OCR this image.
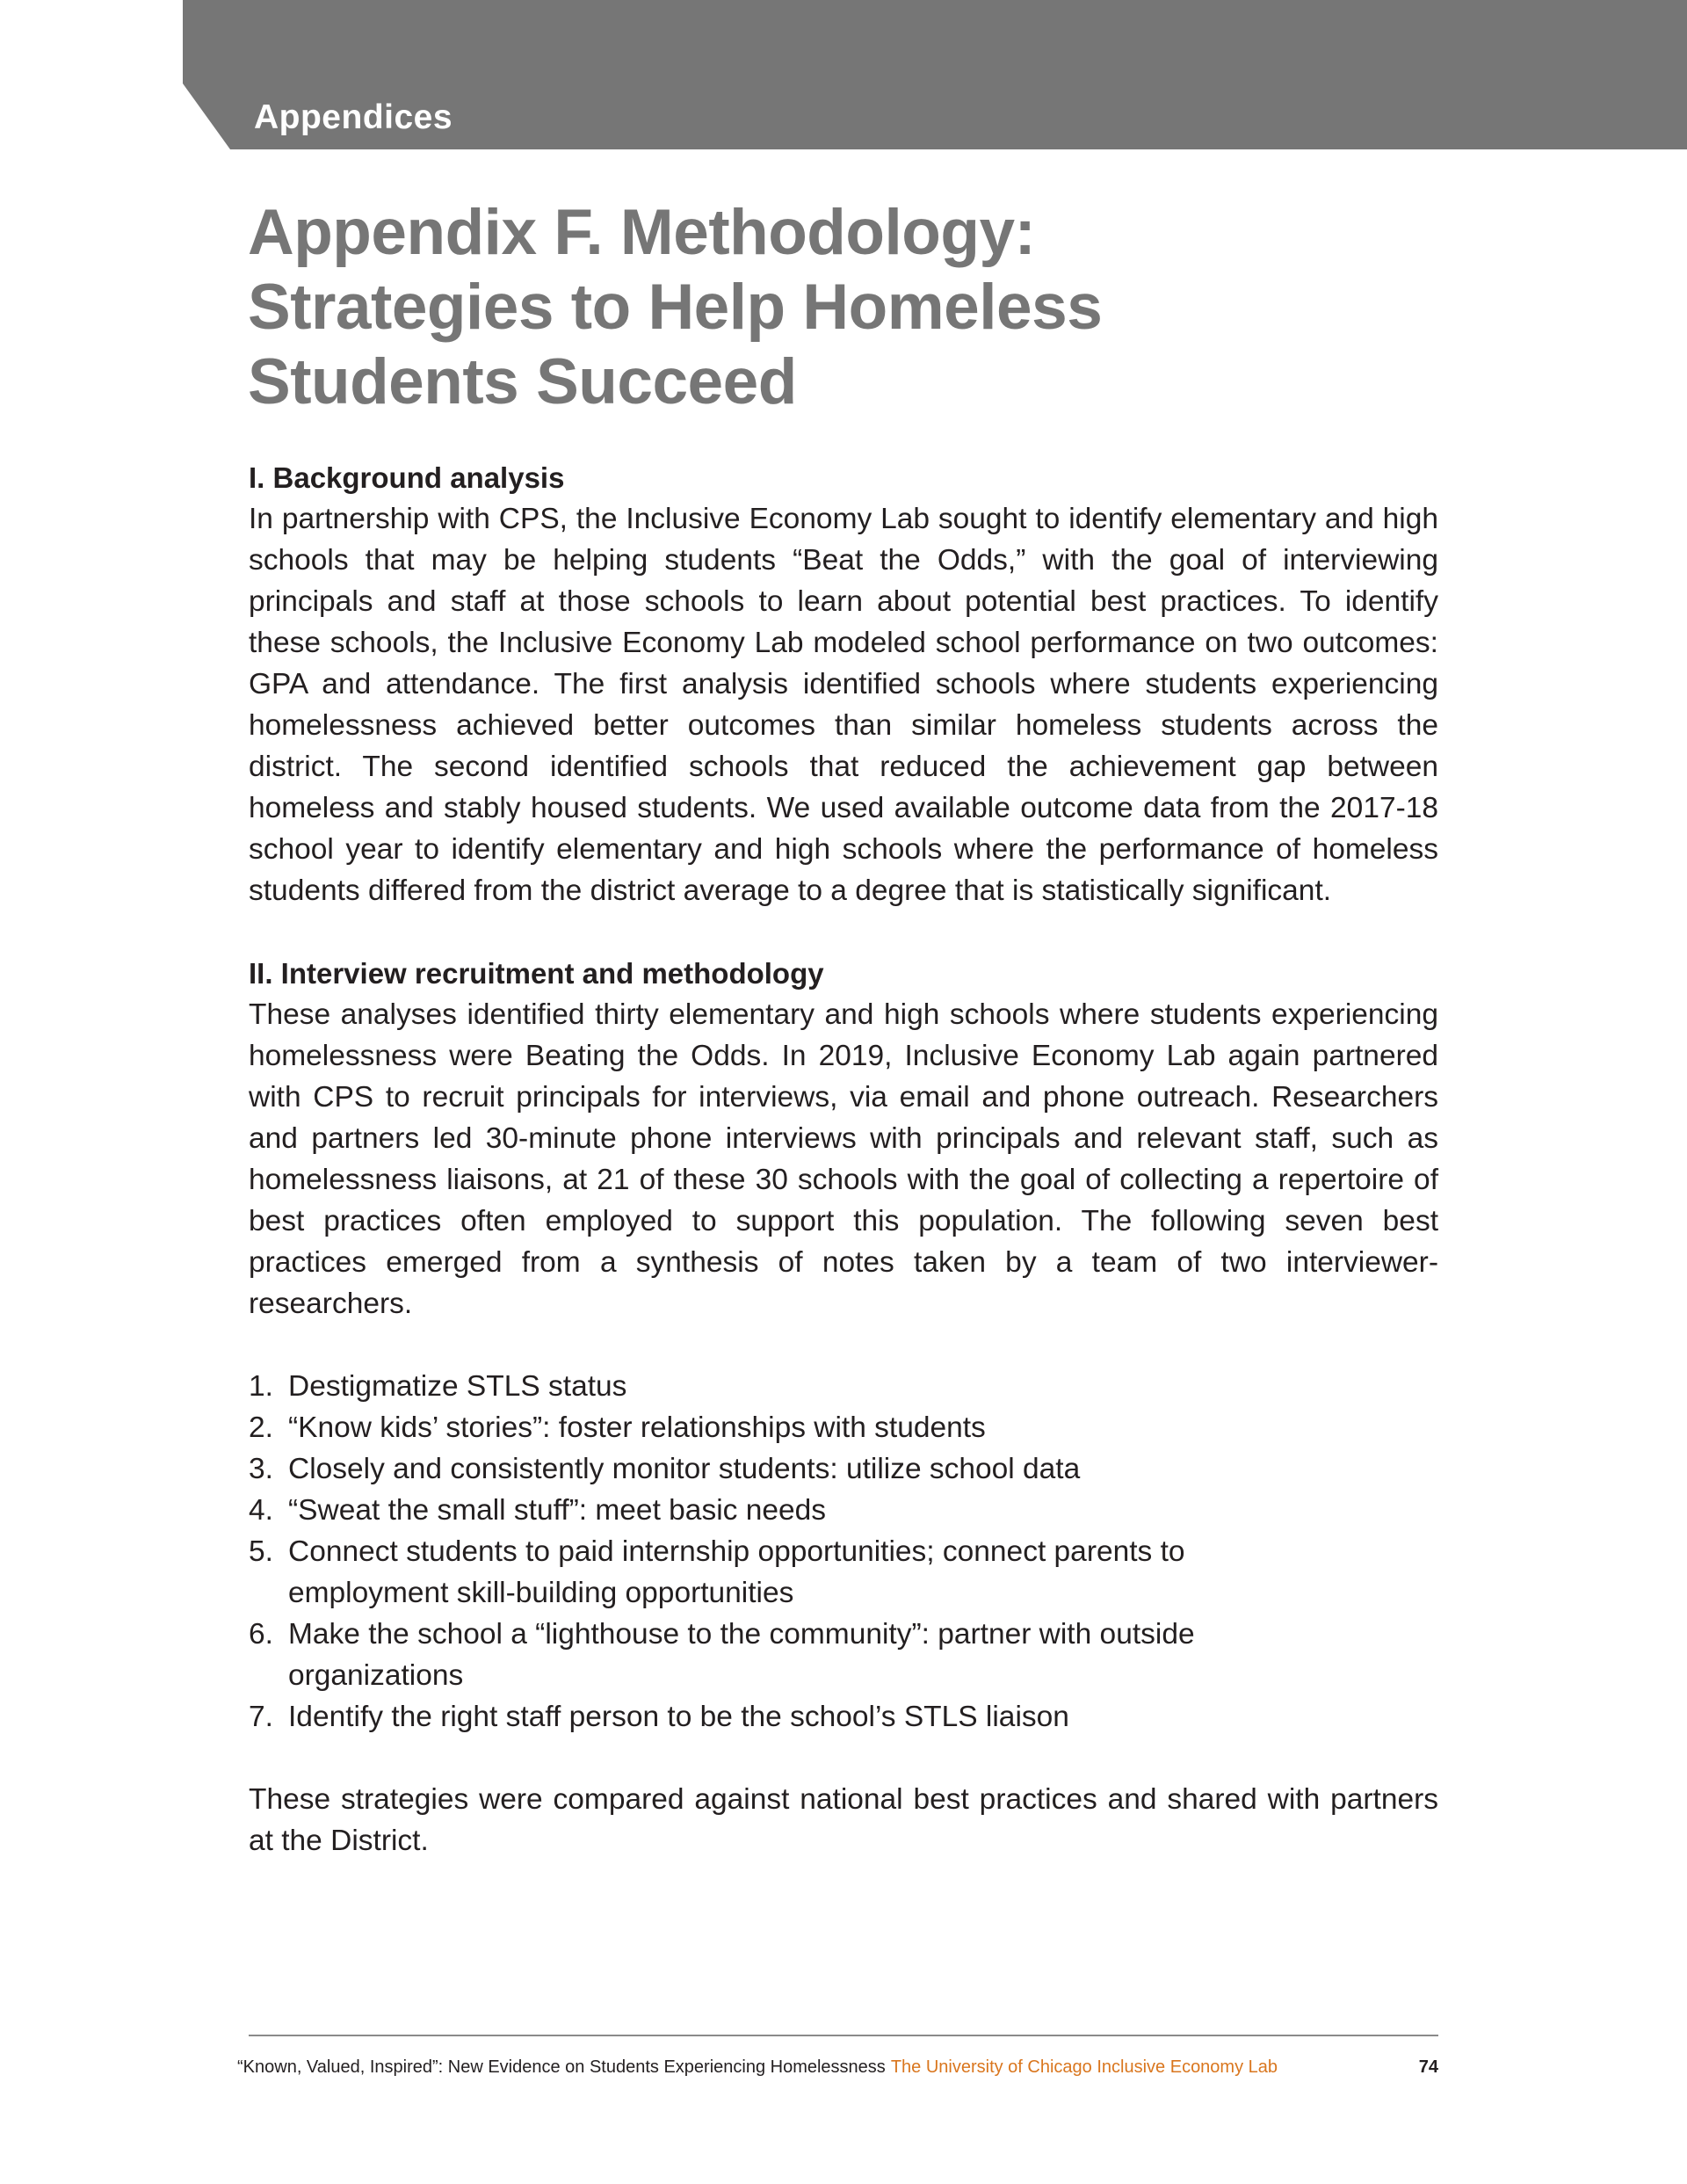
Appendices
Appendix F. Methodology:
Strategies to Help Homeless
Students Succeed
I. Background analysis

In partnership with CPS, the Inclusive Economy Lab sought to identify elementary and high schools that may be helping students “Beat the Odds,” with the goal of interviewing principals and staff at those schools to learn about potential best practices. To identify these schools, the Inclusive Economy Lab modeled school performance on two outcomes: GPA and attendance. The first analysis identified schools where students experiencing homelessness achieved better outcomes than similar homeless students across the district. The second identified schools that reduced the achievement gap between homeless and stably housed students. We used available outcome data from the 2017-18 school year to identify elementary and high schools where the performance of homeless students differed from the district average to a degree that is statistically significant.

II. Interview recruitment and methodology

These analyses identified thirty elementary and high schools where students experiencing homelessness were Beating the Odds. In 2019, Inclusive Economy Lab again partnered with CPS to recruit principals for interviews, via email and phone outreach. Researchers and partners led 30-minute phone interviews with principals and relevant staff, such as homelessness liaisons, at 21 of these 30 schools with the goal of collecting a repertoire of best practices often employed to support this population. The following seven best practices emerged from a synthesis of notes taken by a team of two interviewer-researchers.

1. Destigmatize STLS status
2. “Know kids’ stories”: foster relationships with students
3. Closely and consistently monitor students: utilize school data
4. “Sweat the small stuff”: meet basic needs
5. Connect students to paid internship opportunities; connect parents to employment skill-building opportunities
6. Make the school a “lighthouse to the community”: partner with outside organizations
7. Identify the right staff person to be the school’s STLS liaison

These strategies were compared against national best practices and shared with partners at the District.

“Known, Valued, Inspired”: New Evidence on Students Experiencing Homelessness The University of Chicago Inclusive Economy Lab	74
